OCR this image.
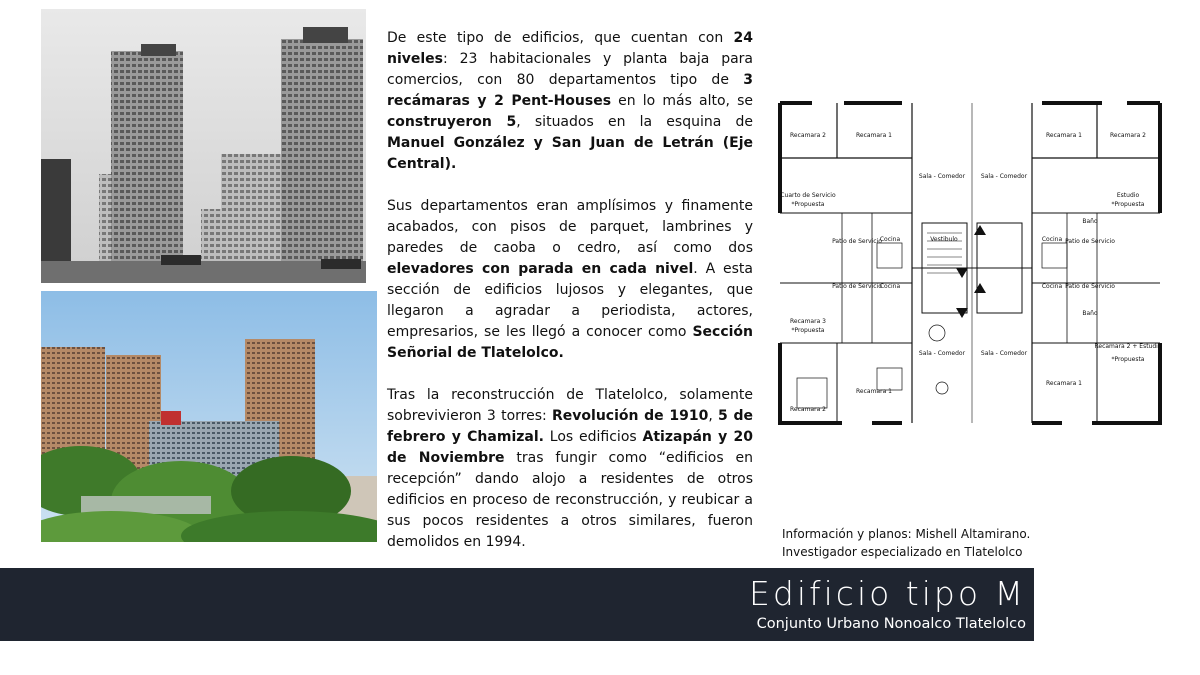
De este tipo de edificios, que cuentan con 24 niveles: 23 habitacionales y planta baja para comercios, con 80 departamentos tipo de 3 recámaras y 2 Pent-Houses en lo más alto, se construyeron 5, situados en la esquina de Manuel González y San Juan de Letrán (Eje Central).

Sus departamentos eran amplísimos y finamente acabados, con pisos de parquet, lambrines y paredes de caoba o cedro, así como dos elevadores con parada en cada nivel. A esta sección de edificios lujosos y elegantes, que llegaron a agradar a periodista, actores, empresarios, se les llegó a conocer como Sección Señorial de Tlatelolco.

Tras la reconstrucción de Tlatelolco, solamente sobrevivieron 3 torres: Revolución de 1910, 5 de febrero y Chamizal. Los edificios Atizapán y 20 de Noviembre tras fungir como “edificios en recepción” dando alojo a residentes de otros edificios en proceso de reconstrucción, y reubicar a sus pocos residentes a otros similares, fueron demolidos en 1994.

Recamara 2	Recamara 1
Sala - Comedor	Sala - Comedor
Recamara 1	Recamara 2
Cuarto de Servicio
*Propuesta
Estudio
*Propuesta
Patio de Servicio
Cocina	Vestibulo	Cocina Patio de Servicio
Patio de Servicio
Cocina	Cocina Patio de Servicio
Baño
Baño
Recamara 3
*Propuesta
Sala - Comedor	Sala - Comedor
Recamara 2 + Estudio
*Propuesta
Recamara 2
Recamara 1
Recamara 1
Información y planos: Mishell Altamirano.
Investigador especializado en Tlatelolco
Edificio tipo M
Conjunto Urbano Nonoalco Tlatelolco
